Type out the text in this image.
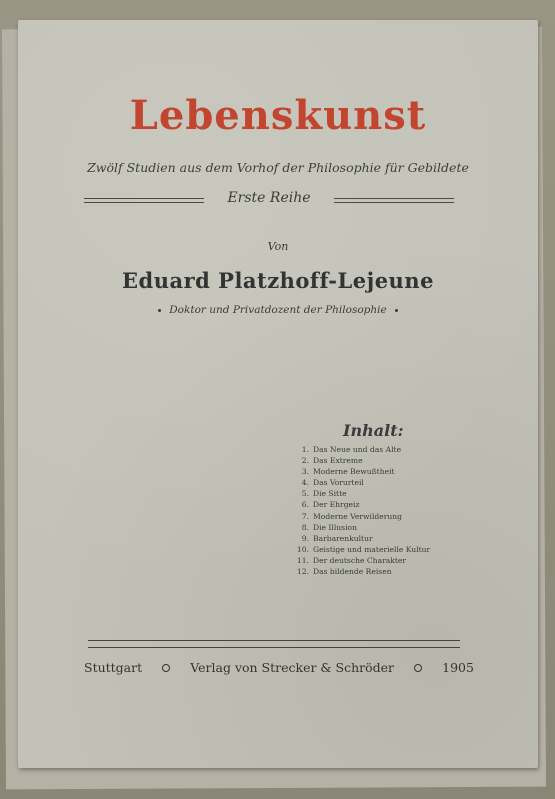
Lebenskunst
Zwölf Studien aus dem Vorhof der Philosophie für Gebildete
Erste Reihe
Von
Eduard Platzhoff-Lejeune
Doktor und Privatdozent der Philosophie
Inhalt:
1. Das Neue und das Alte
2. Das Extreme
3. Moderne Bewußtheit
4. Das Vorurteil
5. Die Sitte
6. Der Ehrgeiz
7. Moderne Verwilderung
8. Die Illusion
9. Barbarenkultur
10. Geistige und materielle Kultur
11. Der deutsche Charakter
12. Das bildende Reisen
Stuttgart	Verlag von Strecker & Schröder	1905
